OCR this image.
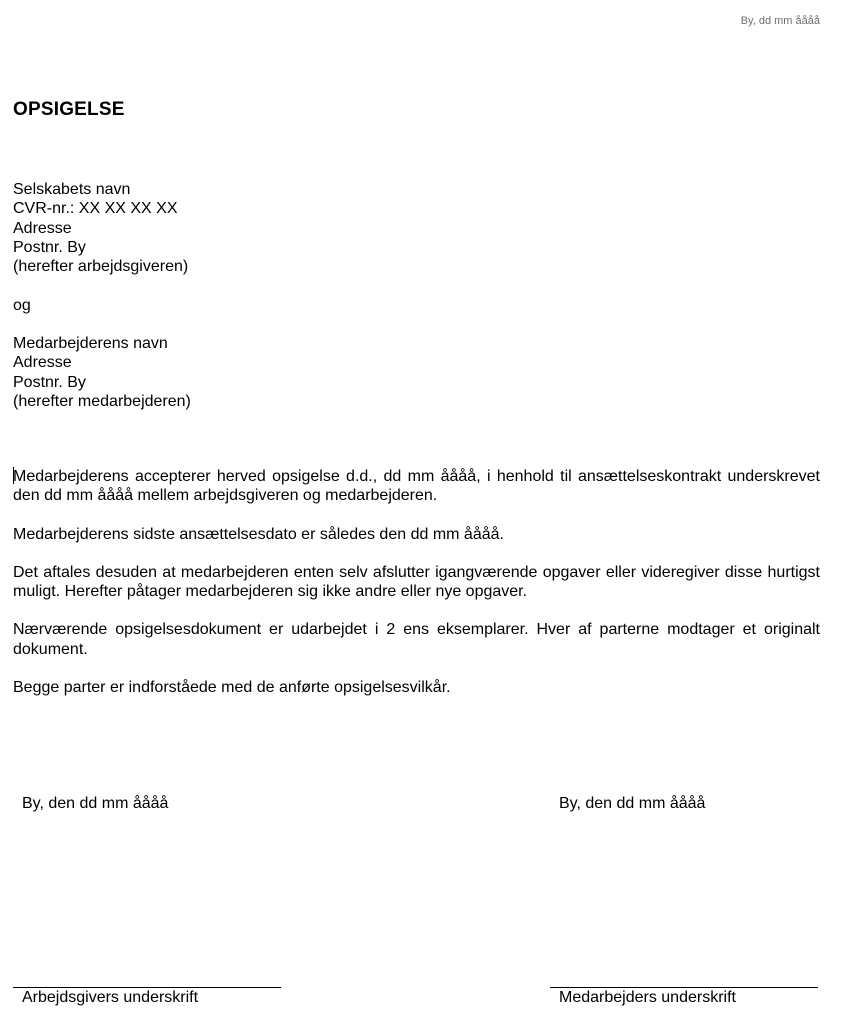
By, dd mm åååå
OPSIGELSE
Selskabets navn
CVR-nr.: XX XX XX XX
Adresse
Postnr. By
(herefter arbejdsgiveren)
og
Medarbejderens navn
Adresse
Postnr. By
(herefter medarbejderen)

Medarbejderens accepterer herved opsigelse d.d., dd mm åååå, i henhold til ansættelseskontrakt underskrevet den dd mm åååå mellem arbejdsgiveren og medarbejderen.

Medarbejderens sidste ansættelsesdato er således den dd mm åååå.

Det aftales desuden at medarbejderen enten selv afslutter igangværende opgaver eller videregiver disse hurtigst muligt. Herefter påtager medarbejderen sig ikke andre eller nye opgaver.

Nærværende opsigelsesdokument er udarbejdet i 2 ens eksemplarer. Hver af parterne modtager et originalt dokument.

Begge parter er indforståede med de anførte opsigelsesvilkår.

By, den dd mm åååå	By, den dd mm åååå
Arbejdsgivers underskrift	Medarbejders underskrift
